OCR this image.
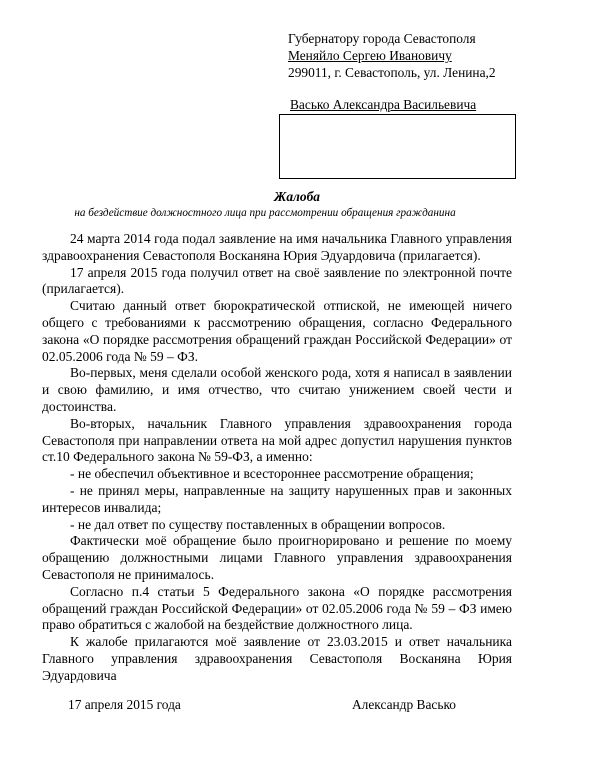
Губернатору города Севастополя
Меняйло Сергею Ивановичу
299011, г. Севастополь, ул. Ленина,2
Васько Александра Васильевича
Жалоба
на бездействие должностного лица при рассмотрении обращения гражданина

24 марта 2014 года подал заявление на имя начальника Главного управления здравоохранения Севастополя Восканяна Юрия Эдуардовича (прилагается).

17 апреля 2015 года получил ответ на своё заявление по электронной почте (прилагается).

Считаю данный ответ бюрократической отпиской, не имеющей ничего общего с требованиями к рассмотрению обращения, согласно Федерального закона «О порядке рассмотрения обращений граждан Российской Федерации» от 02.05.2006 года № 59 – ФЗ.

Во-первых, меня сделали особой женского рода, хотя я написал в заявлении и свою фамилию, и имя отчество, что считаю унижением своей чести и достоинства.

Во-вторых, начальник Главного управления здравоохранения города Севастополя при направлении ответа на мой адрес допустил нарушения пунктов ст.10 Федерального закона № 59-ФЗ, а именно:

- не обеспечил объективное и всестороннее рассмотрение обращения;

- не принял меры, направленные на защиту нарушенных прав и законных интересов инвалида;

- не дал ответ по существу поставленных в обращении вопросов.

Фактически моё обращение было проигнорировано и решение по моему обращению должностными лицами Главного управления здравоохранения Севастополя не принималось.

Согласно п.4 статьи 5 Федерального закона «О порядке рассмотрения обращений граждан Российской Федерации» от 02.05.2006 года № 59 – ФЗ имею право обратиться с жалобой на бездействие должностного лица.

К жалобе прилагаются моё заявление от 23.03.2015 и ответ начальника Главного управления здравоохранения Севастополя Восканяна Юрия Эдуардовича

17 апреля 2015 года	Александр Васько
